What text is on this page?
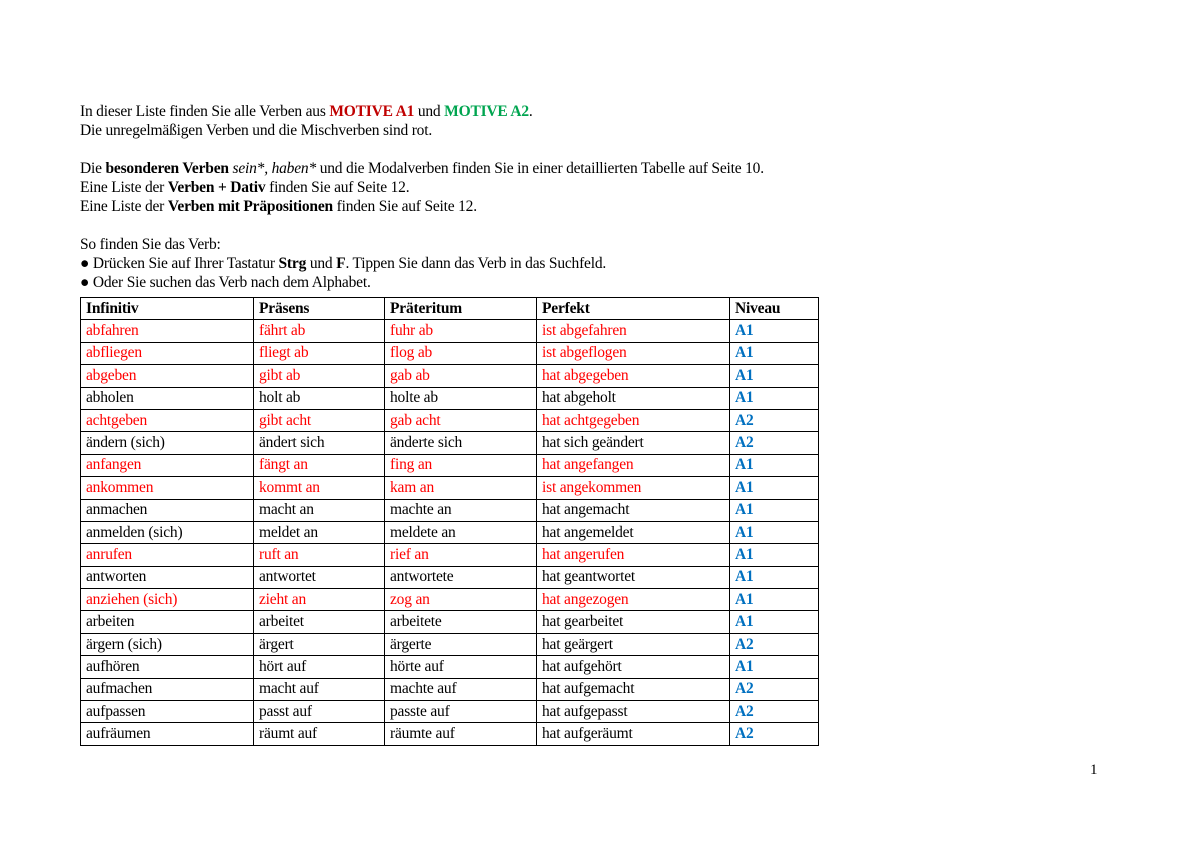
In dieser Liste finden Sie alle Verben aus MOTIVE A1 und MOTIVE A2.

Die unregelmäßigen Verben und die Mischverben sind rot.

Die besonderen Verben sein*, haben* und die Modalverben finden Sie in einer detaillierten Tabelle auf Seite 10.

Eine Liste der Verben + Dativ finden Sie auf Seite 12.

Eine Liste der Verben mit Präpositionen finden Sie auf Seite 12.

So finden Sie das Verb:

● Drücken Sie auf Ihrer Tastatur Strg und F. Tippen Sie dann das Verb in das Suchfeld.

● Oder Sie suchen das Verb nach dem Alphabet.

Infinitiv	Präsens	Präteritum	Perfekt	Niveau
abfahren	fährt ab	fuhr ab	ist abgefahren	A1
abfliegen	fliegt ab	flog ab	ist abgeflogen	A1
abgeben	gibt ab	gab ab	hat abgegeben	A1
abholen	holt ab	holte ab	hat abgeholt	A1
achtgeben	gibt acht	gab acht	hat achtgegeben	A2
ändern (sich)	ändert sich	änderte sich	hat sich geändert	A2
anfangen	fängt an	fing an	hat angefangen	A1
ankommen	kommt an	kam an	ist angekommen	A1
anmachen	macht an	machte an	hat angemacht	A1
anmelden (sich)	meldet an	meldete an	hat angemeldet	A1
anrufen	ruft an	rief an	hat angerufen	A1
antworten	antwortet	antwortete	hat geantwortet	A1
anziehen (sich)	zieht an	zog an	hat angezogen	A1
arbeiten	arbeitet	arbeitete	hat gearbeitet	A1
ärgern (sich)	ärgert	ärgerte	hat geärgert	A2
aufhören	hört auf	hörte auf	hat aufgehört	A1
aufmachen	macht auf	machte auf	hat aufgemacht	A2
aufpassen	passt auf	passte auf	hat aufgepasst	A2
aufräumen	räumt auf	räumte auf	hat aufgeräumt	A2
1
